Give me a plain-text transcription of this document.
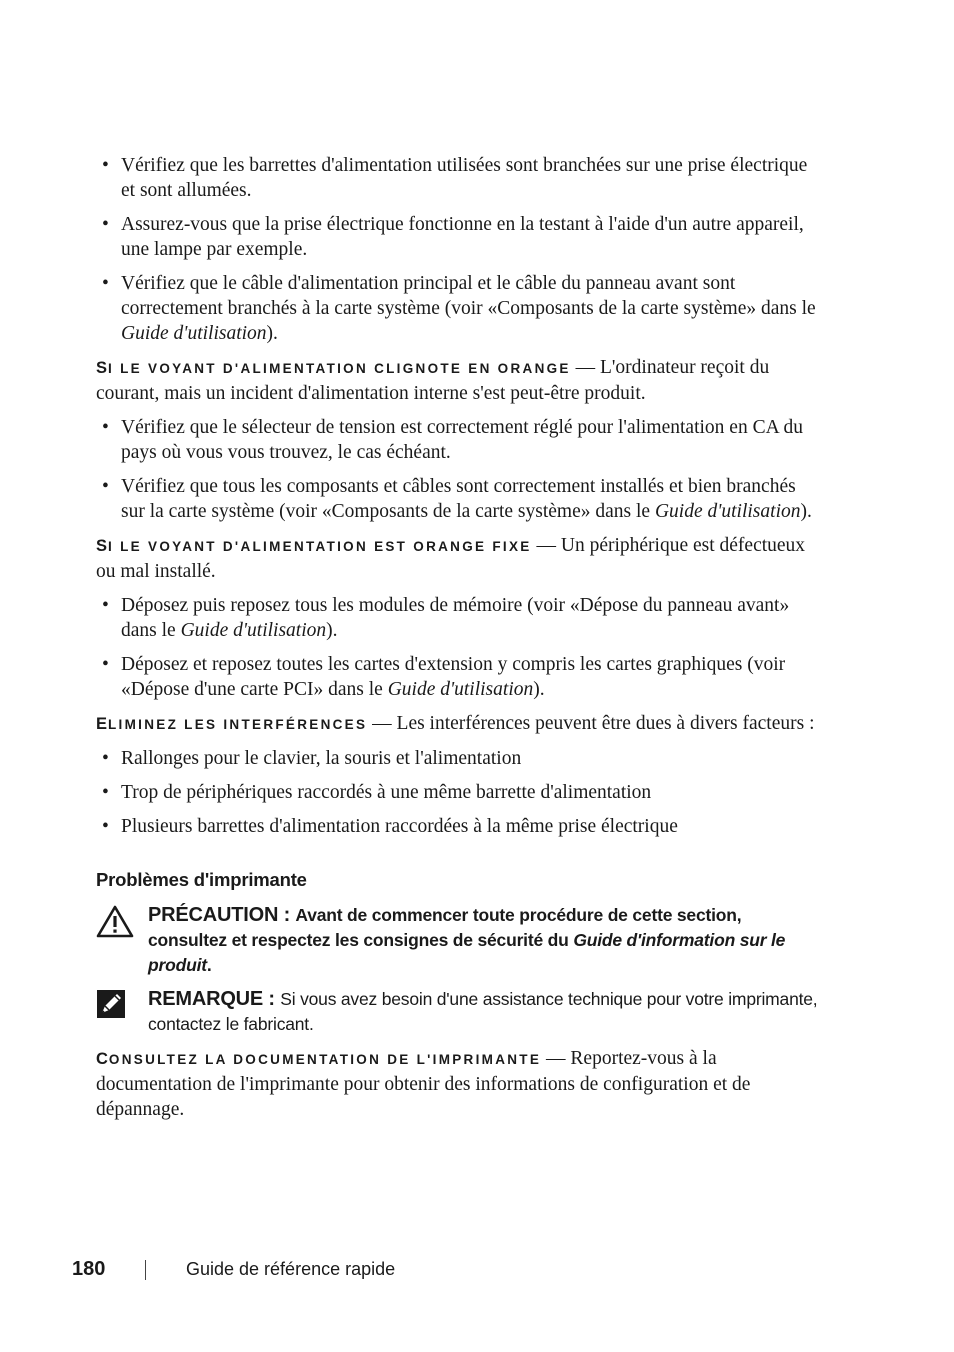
• Vérifiez que les barrettes d'alimentation utilisées sont branchées sur une prise électrique et sont allumées.
• Assurez-vous que la prise électrique fonctionne en la testant à l'aide d'un autre appareil, une lampe par exemple.
• Vérifiez que le câble d'alimentation principal et le câble du panneau avant sont correctement branchés à la carte système (voir «Composants de la carte système» dans le Guide d'utilisation).

SI LE VOYANT D'ALIMENTATION CLIGNOTE EN ORANGE — L'ordinateur reçoit du courant, mais un incident d'alimentation interne s'est peut-être produit.

• Vérifiez que le sélecteur de tension est correctement réglé pour l'alimentation en CA du pays où vous vous trouvez, le cas échéant.
• Vérifiez que tous les composants et câbles sont correctement installés et bien branchés sur la carte système (voir «Composants de la carte système» dans le Guide d'utilisation).

SI LE VOYANT D'ALIMENTATION EST ORANGE FIXE — Un périphérique est défectueux ou mal installé.

• Déposez puis reposez tous les modules de mémoire (voir «Dépose du panneau avant» dans le Guide d'utilisation).
• Déposez et reposez toutes les cartes d'extension y compris les cartes graphiques (voir «Dépose d'une carte PCI» dans le Guide d'utilisation).

ELIMINEZ LES INTERFÉRENCES — Les interférences peuvent être dues à divers facteurs :

• Rallonges pour le clavier, la souris et l'alimentation
• Trop de périphériques raccordés à une même barrette d'alimentation
• Plusieurs barrettes d'alimentation raccordées à la même prise électrique
Problèmes d'imprimante
PRÉCAUTION : Avant de commencer toute procédure de cette section, consultez et respectez les consignes de sécurité du Guide d'information sur le produit.
REMARQUE : Si vous avez besoin d'une assistance technique pour votre imprimante, contactez le fabricant.

CONSULTEZ LA DOCUMENTATION DE L'IMPRIMANTE — Reportez-vous à la documentation de l'imprimante pour obtenir des informations de configuration et de dépannage.

180	Guide de référence rapide
